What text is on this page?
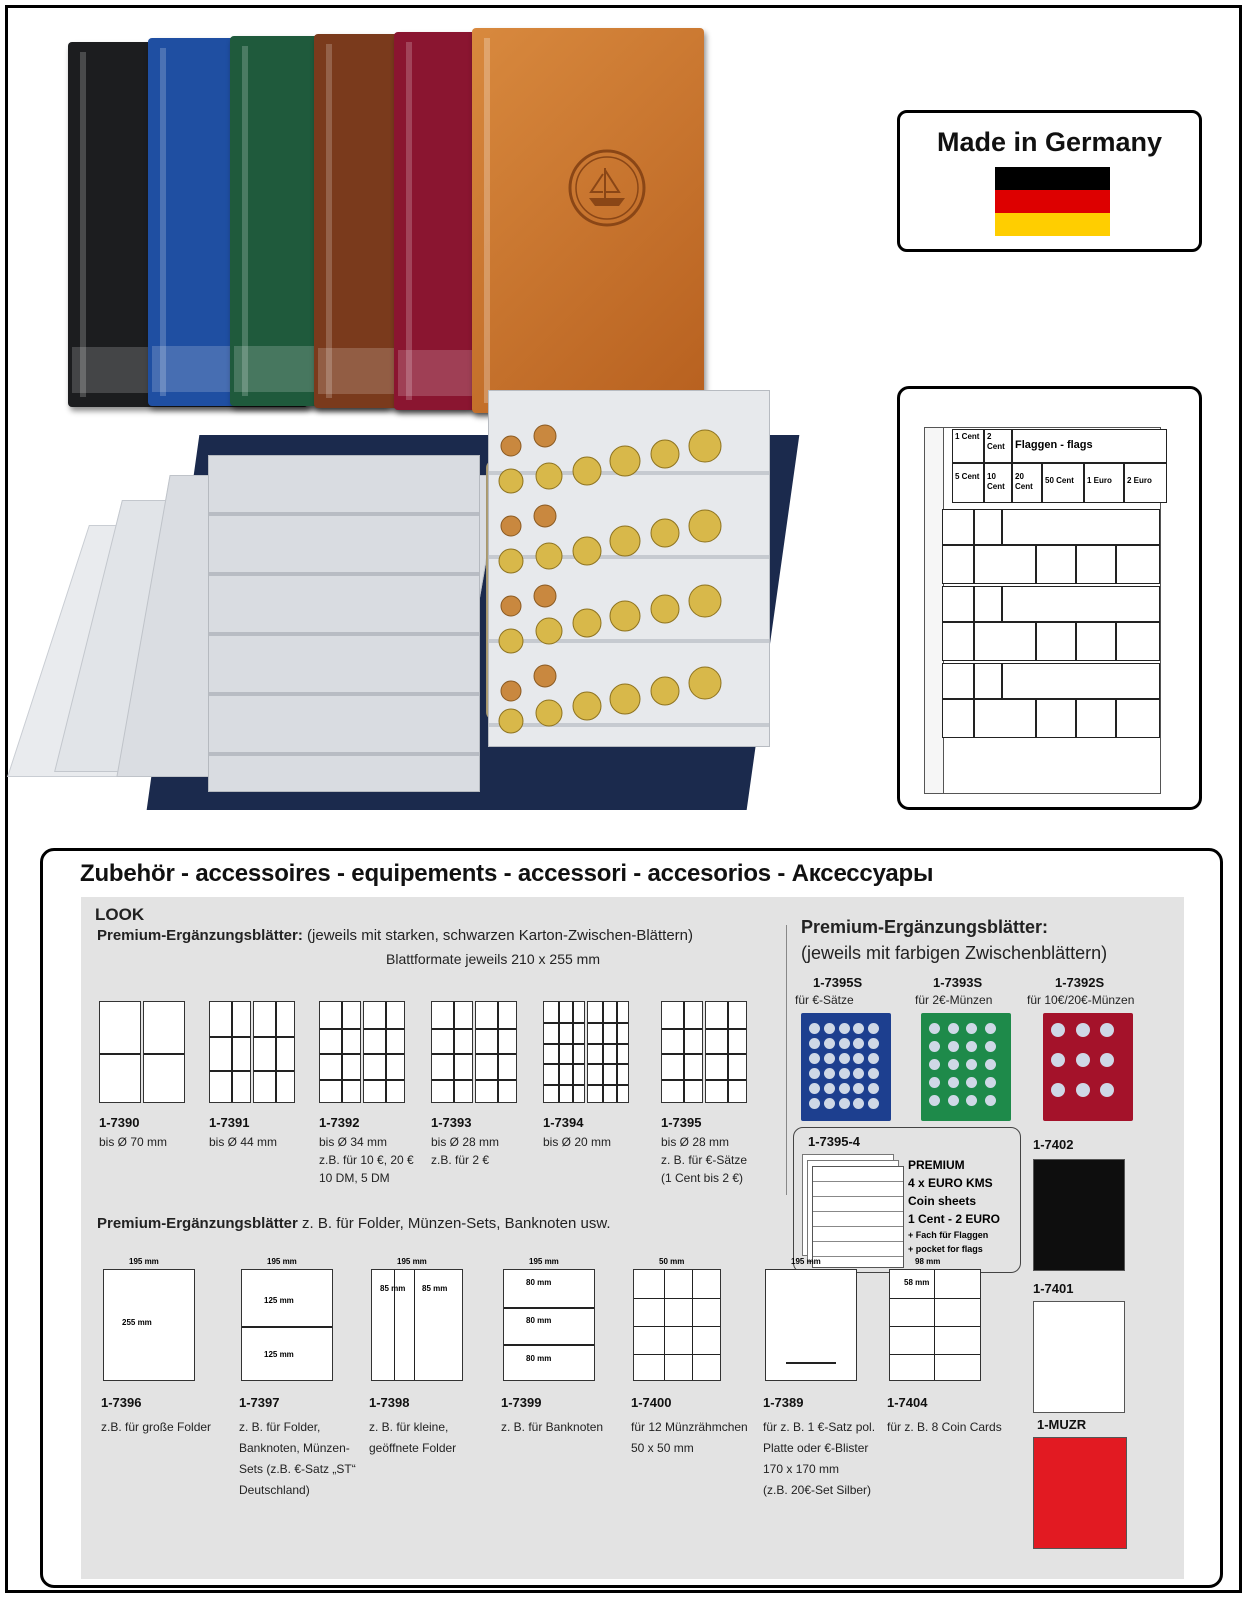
Made in Germany
1 Cent 2 Cent Flaggen - flags
5 Cent 10 Cent
20 Cent
50 Cent	1 Euro	2 Euro
Zubehör - accessoires - equipements - accessori - accesorios - Аксессуары
LOOK
Premium-Ergänzungsblätter: (jeweils mit starken, schwarzen Karton-Zwischen-Blättern)
Blattformate jeweils 210 x 255 mm
Premium-Ergänzungsblätter:
(jeweils mit farbigen Zwischenblättern)
1-7390
bis Ø 70 mm
1-7391
bis Ø 44 mm
1-7392
bis Ø 34 mm
z.B. für 10 €, 20 €
10 DM, 5 DM
1-7393
bis Ø 28 mm
z.B. für 2 €
1-7394
bis Ø 20 mm
1-7395
bis Ø 28 mm
z. B. für €-Sätze
(1 Cent bis 2 €)
1-7395S
für €-Sätze
1-7393S
für 2€-Münzen
1-7392S
für 10€/20€-Münzen
1-7395-4
PREMIUM
4 x EURO KMS
Coin sheets
1 Cent - 2 EURO
+ Fach für Flaggen
+ pocket for flags
1-7402
1-7401
1-MUZR
Premium-Ergänzungsblätter z. B. für Folder, Münzen-Sets, Banknoten usw.
195 mm
255 mm
1-7396
z.B. für große Folder
195 mm
125 mm
125 mm
1-7397
z. B. für Folder,
Banknoten, Münzen-
Sets (z.B. €-Satz „ST“
Deutschland)
195 mm
85 mm 85 mm
1-7398
z. B. für kleine,
geöffnete Folder
195 mm
80 mm
80 mm
80 mm
1-7399
z. B. für Banknoten
50 mm
1-7400
für 12 Münzrähmchen
50 x 50 mm
195 mm
1-7389
für z. B. 1 €-Satz pol.
Platte oder €-Blister
170 x 170 mm
(z.B. 20€-Set Silber)
98 mm
58 mm
1-7404
für z. B. 8 Coin Cards
